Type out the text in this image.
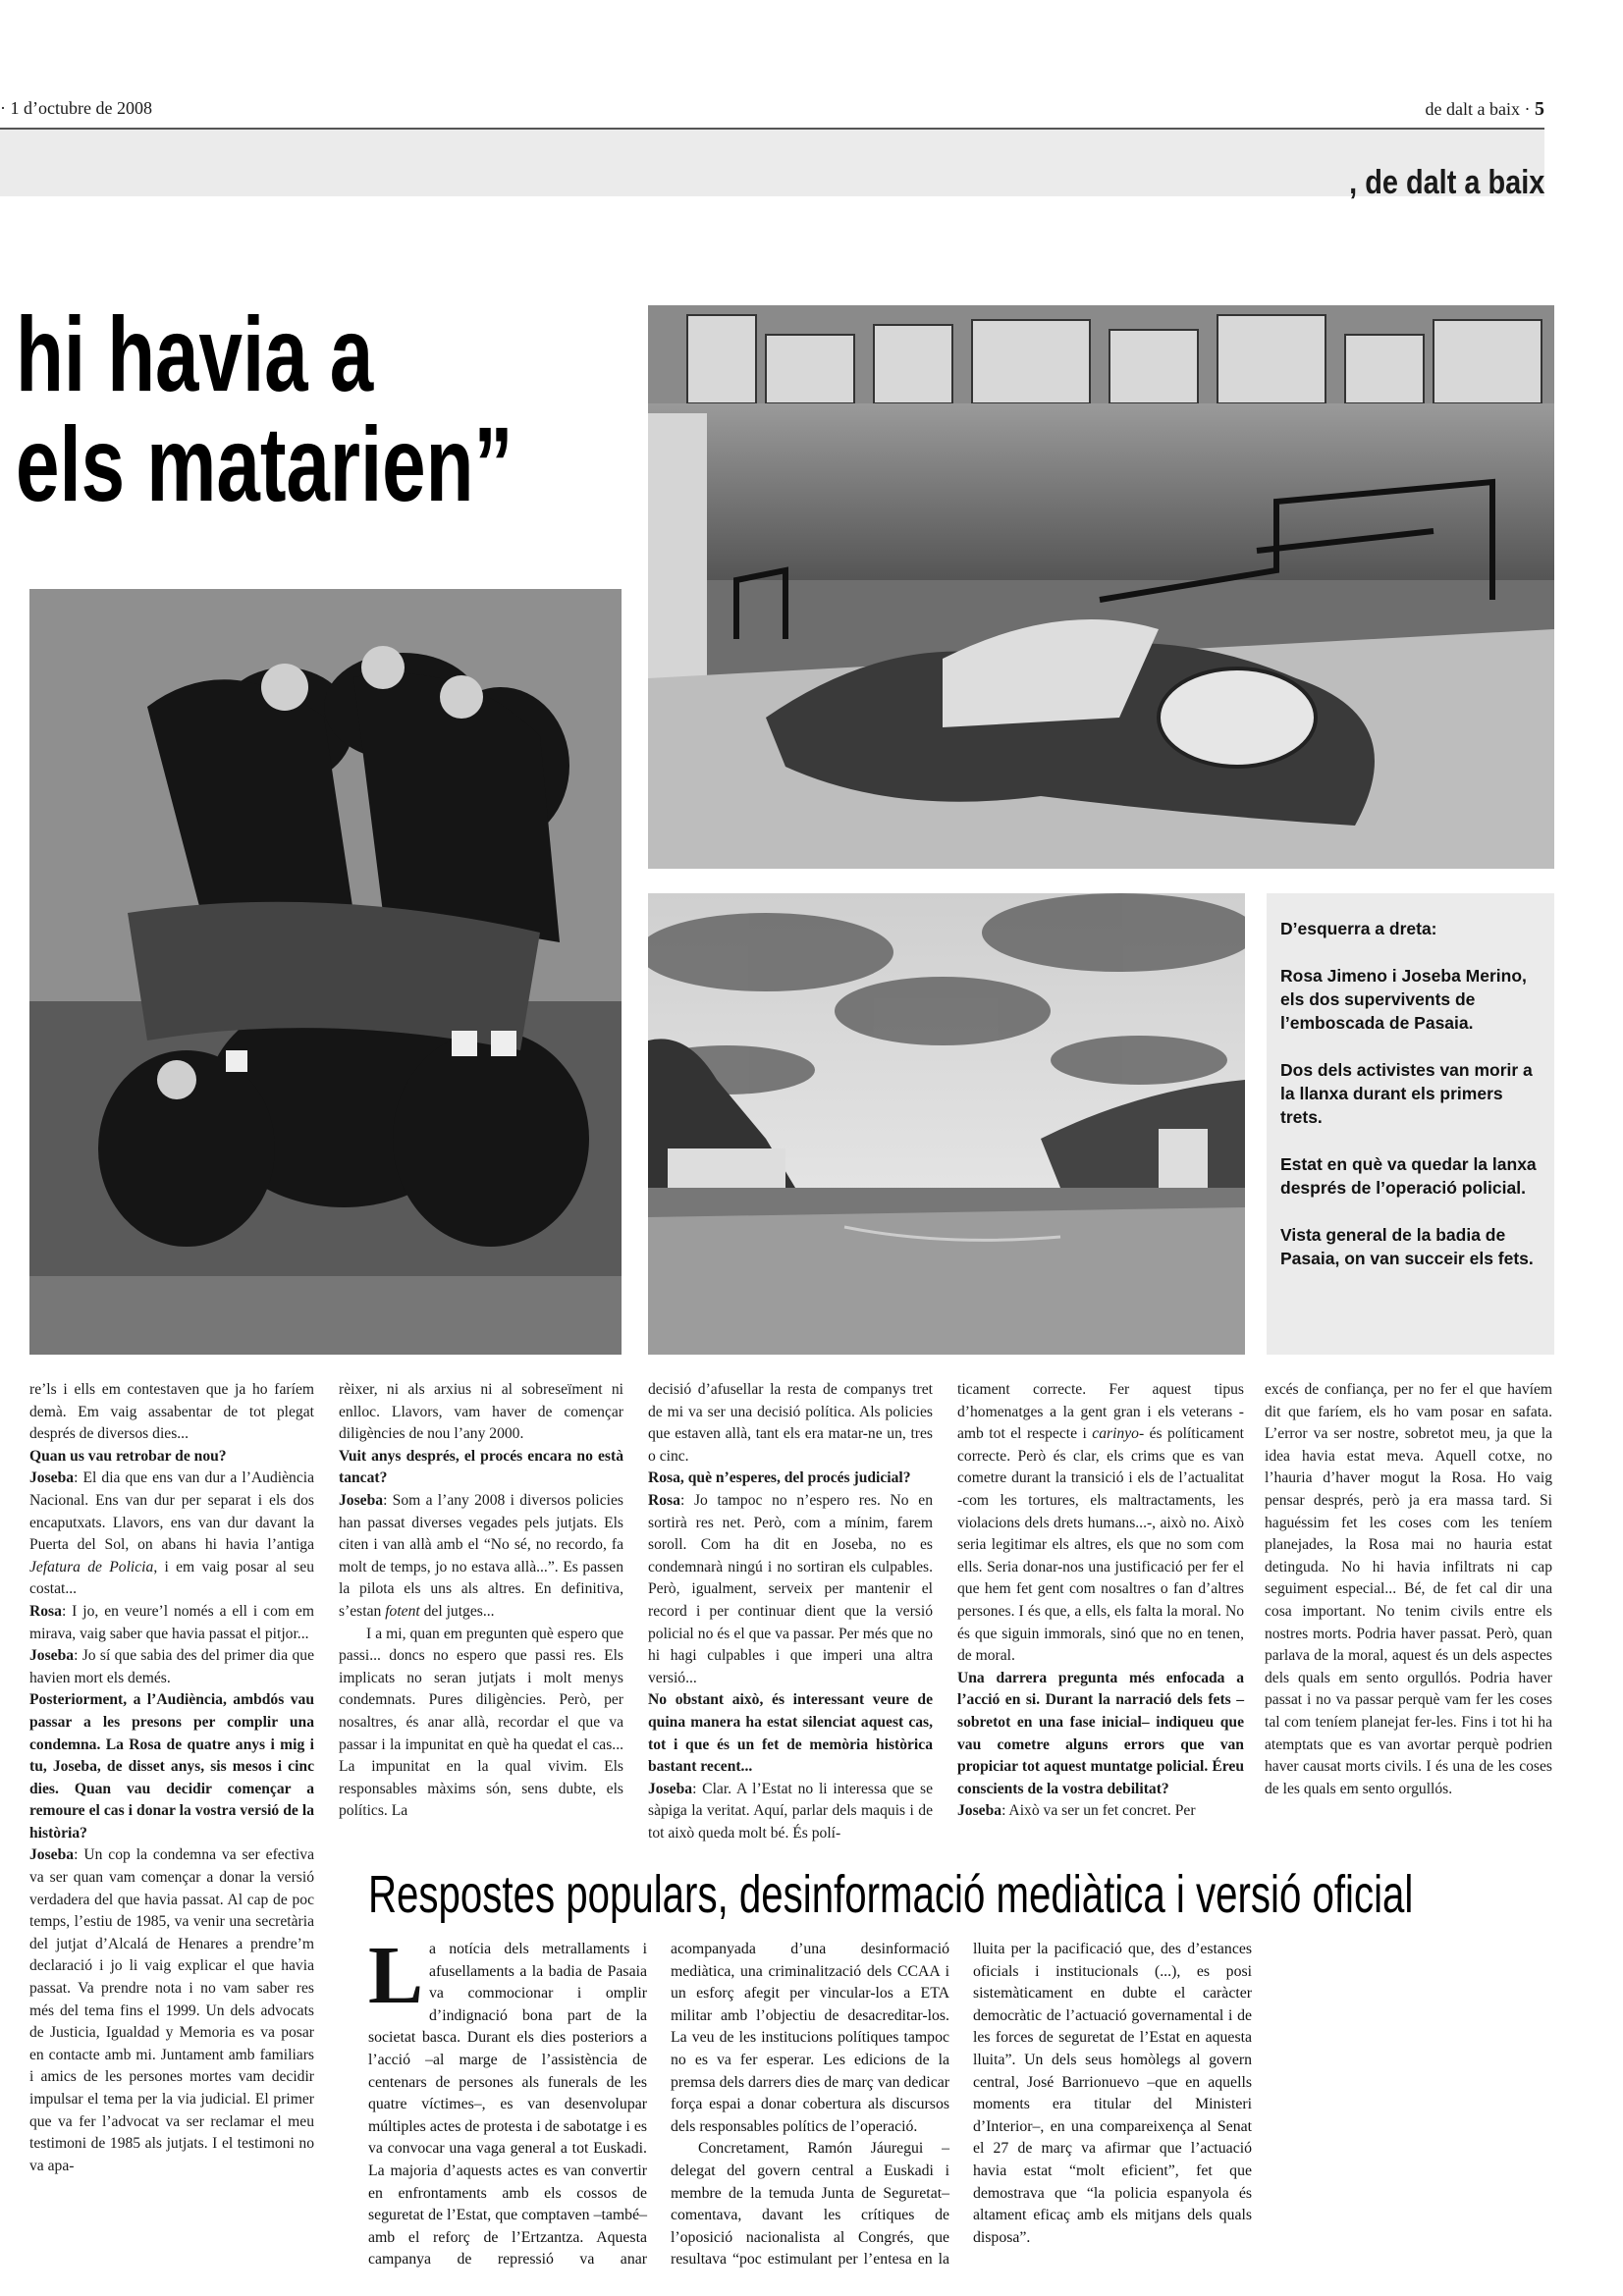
· 1 d’octubre de 2008	de dalt a baix · 5
, de dalt a baix
hi havia a
els matarien”

D’esquerra a dreta:

Rosa Jimeno i Joseba Merino, els dos supervivents de l’emboscada de Pasaia.

Dos dels activistes van morir a la llanxa durant els primers trets.

Estat en què va quedar la lanxa després de l’operació policial.

Vista general de la badia de Pasaia, on van succeir els fets.

re’ls i ells em contestaven que ja ho faríem demà. Em vaig assabentar de tot plegat després de diversos dies...

Quan us vau retrobar de nou?

Joseba: El dia que ens van dur a l’Audiència Nacional. Ens van dur per separat i els dos encaputxats. Llavors, ens van dur davant la Puerta del Sol, on abans hi havia l’antiga Jefatura de Policia, i em vaig posar al seu costat...

Rosa: I jo, en veure’l només a ell i com em mirava, vaig saber que havia passat el pitjor...

Joseba: Jo sí que sabia des del primer dia que havien mort els demés.

Posteriorment, a l’Audiència, ambdós vau passar a les presons per complir una condemna. La Rosa de quatre anys i mig i tu, Joseba, de disset anys, sis mesos i cinc dies. Quan vau decidir començar a remoure el cas i donar la vostra versió de la història?

Joseba: Un cop la condemna va ser efectiva va ser quan vam començar a donar la versió verdadera del que havia passat. Al cap de poc temps, l’estiu de 1985, va venir una secretària del jutjat d’Alcalá de Henares a prendre’m declaració i jo li vaig explicar el que havia passat. Va prendre nota i no vam saber res més del tema fins el 1999. Un dels advocats de Justicia, Igualdad y Memoria es va posar en contacte amb mi. Juntament amb familiars i amics de les persones mortes vam decidir impulsar el tema per la via judicial. El primer que va fer l’advocat va ser reclamar el meu testimoni de 1985 als jutjats. I el testimoni no va apa-

rèixer, ni als arxius ni al sobreseïment ni enlloc. Llavors, vam haver de començar diligències de nou l’any 2000.

Vuit anys després, el procés encara no està tancat?

Joseba: Som a l’any 2008 i diversos policies han passat diverses vegades pels jutjats. Els citen i van allà amb el “No sé, no recordo, fa molt de temps, jo no estava allà...”. Es passen la pilota els uns als altres. En definitiva, s’estan fotent del jutges...

I a mi, quan em pregunten què espero que passi... doncs no espero que passi res. Els implicats no seran jutjats i molt menys condemnats. Pures diligències. Però, per nosaltres, és anar allà, recordar el que va passar i la impunitat en què ha quedat el cas... La impunitat en la qual vivim. Els responsables màxims són, sens dubte, els polítics. La

decisió d’afusellar la resta de companys tret de mi va ser una decisió política. Als policies que estaven allà, tant els era matar-ne un, tres o cinc.

Rosa, què n’esperes, del procés judicial?

Rosa: Jo tampoc no n’espero res. No en sortirà res net. Però, com a mínim, farem soroll. Com ha dit en Joseba, no es condemnarà ningú i no sortiran els culpables. Però, igualment, serveix per mantenir el record i per continuar dient que la versió policial no és el que va passar. Per més que no hi hagi culpables i que imperi una altra versió...

No obstant això, és interessant veure de quina manera ha estat silenciat aquest cas, tot i que és un fet de memòria històrica bastant recent...

Joseba: Clar. A l’Estat no li interessa que se sàpiga la veritat. Aquí, parlar dels maquis i de tot això queda molt bé. És polí-

ticament correcte. Fer aquest tipus d’homenatges a la gent gran i els veterans -amb tot el respecte i carinyo- és políticament correcte. Però és clar, els crims que es van cometre durant la transició i els de l’actualitat -com les tortures, els maltractaments, les violacions dels drets humans...-, això no. Això seria legitimar els altres, els que no som com ells. Seria donar-nos una justificació per fer el que hem fet gent com nosaltres o fan d’altres persones. I és que, a ells, els falta la moral. No és que siguin immorals, sinó que no en tenen, de moral.

Una darrera pregunta més enfocada a l’acció en si. Durant la narració dels fets –sobretot en una fase inicial– indiqueu que vau cometre alguns errors que van propiciar tot aquest muntatge policial. Éreu conscients de la vostra debilitat?

Joseba: Això va ser un fet concret. Per

excés de confiança, per no fer el que havíem dit que faríem, els ho vam posar en safata. L’error va ser nostre, sobretot meu, ja que la idea havia estat meva. Aquell cotxe, no l’hauria d’haver mogut la Rosa. Ho vaig pensar després, però ja era massa tard. Si haguéssim fet les coses com les teníem planejades, la Rosa mai no hauria estat detinguda. No hi havia infiltrats ni cap seguiment especial... Bé, de fet cal dir una cosa important. No tenim civils entre els nostres morts. Podria haver passat. Però, quan parlava de la moral, aquest és un dels aspectes dels quals em sento orgullós. Podria haver passat i no va passar perquè vam fer les coses tal com teníem planejat fer-les. Fins i tot hi ha atemptats que es van avortar perquè podrien haver causat morts civils. I és una de les coses de les quals em sento orgullós.

Respostes populars, desinformació mediàtica i versió oficial

La notícia dels metrallaments i afusellaments a la badia de Pasaia va commocionar i omplir d’indignació bona part de la societat basca. Durant els dies posteriors a l’acció –al marge de l’assistència de centenars de persones als funerals de les quatre víctimes–, es van desenvolupar múltiples actes de protesta i de sabotatge i es va convocar una vaga general a tot Euskadi. La majoria d’aquests actes es van convertir en enfrontaments amb els cossos de seguretat de l’Estat, que comptaven –també– amb el reforç de l’Ertzantza. Aquesta campanya de repressió va anar acompanyada d’una desinformació mediàtica, una criminalització dels CCAA i un esforç afegit per vincular-los a ETA militar amb l’objectiu de desacreditar-los. La veu de les institucions polítiques tampoc no es va fer esperar. Les edicions de la premsa dels darrers dies de març van dedicar força espai a donar cobertura als discursos dels responsables polítics de l’operació.

Concretament, Ramón Jáuregui –delegat del govern central a Euskadi i membre de la temuda Junta de Seguretat– comentava, davant les crítiques de l’oposició nacionalista al Congrés, que resultava “poc estimulant per l’entesa en la lluita per la pacificació que, des d’estances oficials i institucionals (...), es posi sistemàticament en dubte el caràcter democràtic de l’actuació governamental i de les forces de seguretat de l’Estat en aquesta lluita”. Un dels seus homòlegs al govern central, José Barrionuevo –que en aquells moments era titular del Ministeri d’Interior–, en una compareixença al Senat el 27 de març va afirmar que l’actuació havia estat “molt eficient”, fet que demostrava que “la policia espanyola és altament eficaç amb els mitjans dels quals disposa”.
